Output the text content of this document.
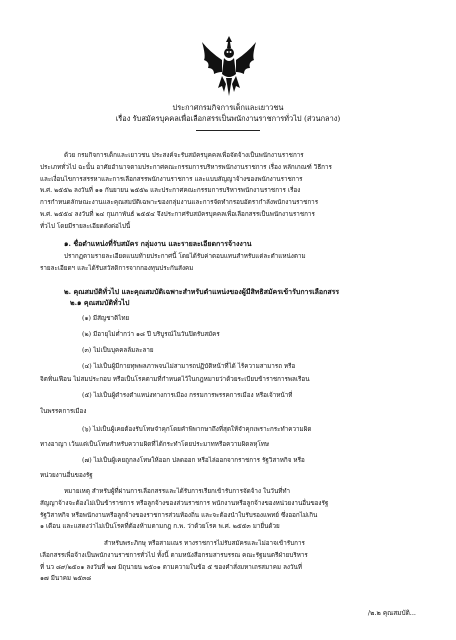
ประกาศกรมกิจการเด็กและเยาวชน
เรื่อง รับสมัครบุคคลเพื่อเลือกสรรเป็นพนักงานราชการทั่วไป (ส่วนกลาง)
ด้วย กรมกิจการเด็กและเยาวชน ประสงค์จะรับสมัครบุคคลเพื่อจัดจ้างเป็นพนักงานราชการ
ประเภททั่วไป ฉะนั้น อาศัยอำนาจตามประกาศคณะกรรมการบริหารพนักงานราชการ เรื่อง หลักเกณฑ์ วิธีการ
และเงื่อนไขการสรรหาและการเลือกสรรพนักงานราชการ และแบบสัญญาจ้างของพนักงานราชการ
พ.ศ. ๒๕๕๒ ลงวันที่ ๑๑ กันยายน ๒๕๕๒ และประกาศคณะกรรมการบริหารพนักงานราชการ เรื่อง
การกำหนดลักษณะงานและคุณสมบัติเฉพาะของกลุ่มงานและการจัดทำกรอบอัตรากำลังพนักงานราชการ
พ.ศ. ๒๕๕๔ ลงวันที่ ๒๔ กุมภาพันธ์ ๒๕๕๔ จึงประกาศรับสมัครบุคคลเพื่อเลือกสรรเป็นพนักงานราชการ
ทั่วไป โดยมีรายละเอียดดังต่อไปนี้
๑. ชื่อตำแหน่งที่รับสมัคร กลุ่มงาน และรายละเอียดการจ้างงาน
ปรากฏตามรายละเอียดแนบท้ายประกาศนี้ โดยได้รับค่าตอบแทนสำหรับแต่ละตำแหน่งตาม
รายละเอียดฯ และได้รับสวัสดิการจากกองทุนประกันสังคม
๒. คุณสมบัติทั่วไป และคุณสมบัติเฉพาะสำหรับตำแหน่งของผู้มีสิทธิสมัครเข้ารับการเลือกสรร
๒.๑ คุณสมบัติทั่วไป
(๑) มีสัญชาติไทย
(๒) มีอายุไม่ต่ำกว่า ๑๘ ปี บริบูรณ์ในวันปิดรับสมัคร
(๓) ไม่เป็นบุคคลล้มละลาย
(๔) ไม่เป็นผู้มีกายทุพพลภาพจนไม่สามารถปฏิบัติหน้าที่ได้ ไร้ความสามารถ หรือ
จิตฟั่นเฟือน ไม่สมประกอบ หรือเป็นโรคตามที่กำหนดไว้ในกฎหมายว่าด้วยระเบียบข้าราชการพลเรือน
(๕) ไม่เป็นผู้ดำรงตำแหน่งทางการเมือง กรรมการพรรคการเมือง หรือเจ้าหน้าที่
ในพรรคการเมือง
(๖) ไม่เป็นผู้เคยต้องรับโทษจำคุกโดยคำพิพากษาถึงที่สุดให้จำคุกเพราะกระทำความผิด
ทางอาญา เว้นแต่เป็นโทษสำหรับความผิดที่ได้กระทำโดยประมาทหรือความผิดลหุโทษ
(๗) ไม่เป็นผู้เคยถูกลงโทษให้ออก ปลดออก หรือไล่ออกจากราชการ รัฐวิสาหกิจ หรือ
หน่วยงานอื่นของรัฐ
หมายเหตุ สำหรับผู้ที่ผ่านการเลือกสรรและได้รับการเรียกเข้ารับการจัดจ้าง ในวันที่ทำ
สัญญาจ้างจะต้องไม่เป็นข้าราชการ หรือลูกจ้างของส่วนราชการ พนักงานหรือลูกจ้างของหน่วยงานอื่นของรัฐ
รัฐวิสาหกิจ หรือพนักงานหรือลูกจ้างของราชการส่วนท้องถิ่น และจะต้องนำใบรับรองแพทย์ ซึ่งออกไม่เกิน
๑ เดือน และแสดงว่าไม่เป็นโรคที่ต้องห้ามตามกฎ ก.พ. ว่าด้วยโรค พ.ศ. ๒๕๕๓ มายื่นด้วย
สำหรับพระภิกษุ หรือสามเณร ทางราชการไม่รับสมัครและไม่อาจเข้ารับการ
เลือกสรรเพื่อจ้างเป็นพนักงานราชการทั่วไป ทั้งนี้ ตามหนังสือกรมสารบรรณ คณะรัฐมนตรีฝ่ายบริหาร
ที่ นว ๘๙/๒๕๐๑ ลงวันที่ ๒๗ มิถุนายน ๒๕๐๑ ตามความในข้อ ๕ ของคำสั่งมหาเถรสมาคม ลงวันที่
๑๗ มีนาคม ๒๕๓๘
/๒.๒ คุณสมบัติ...
